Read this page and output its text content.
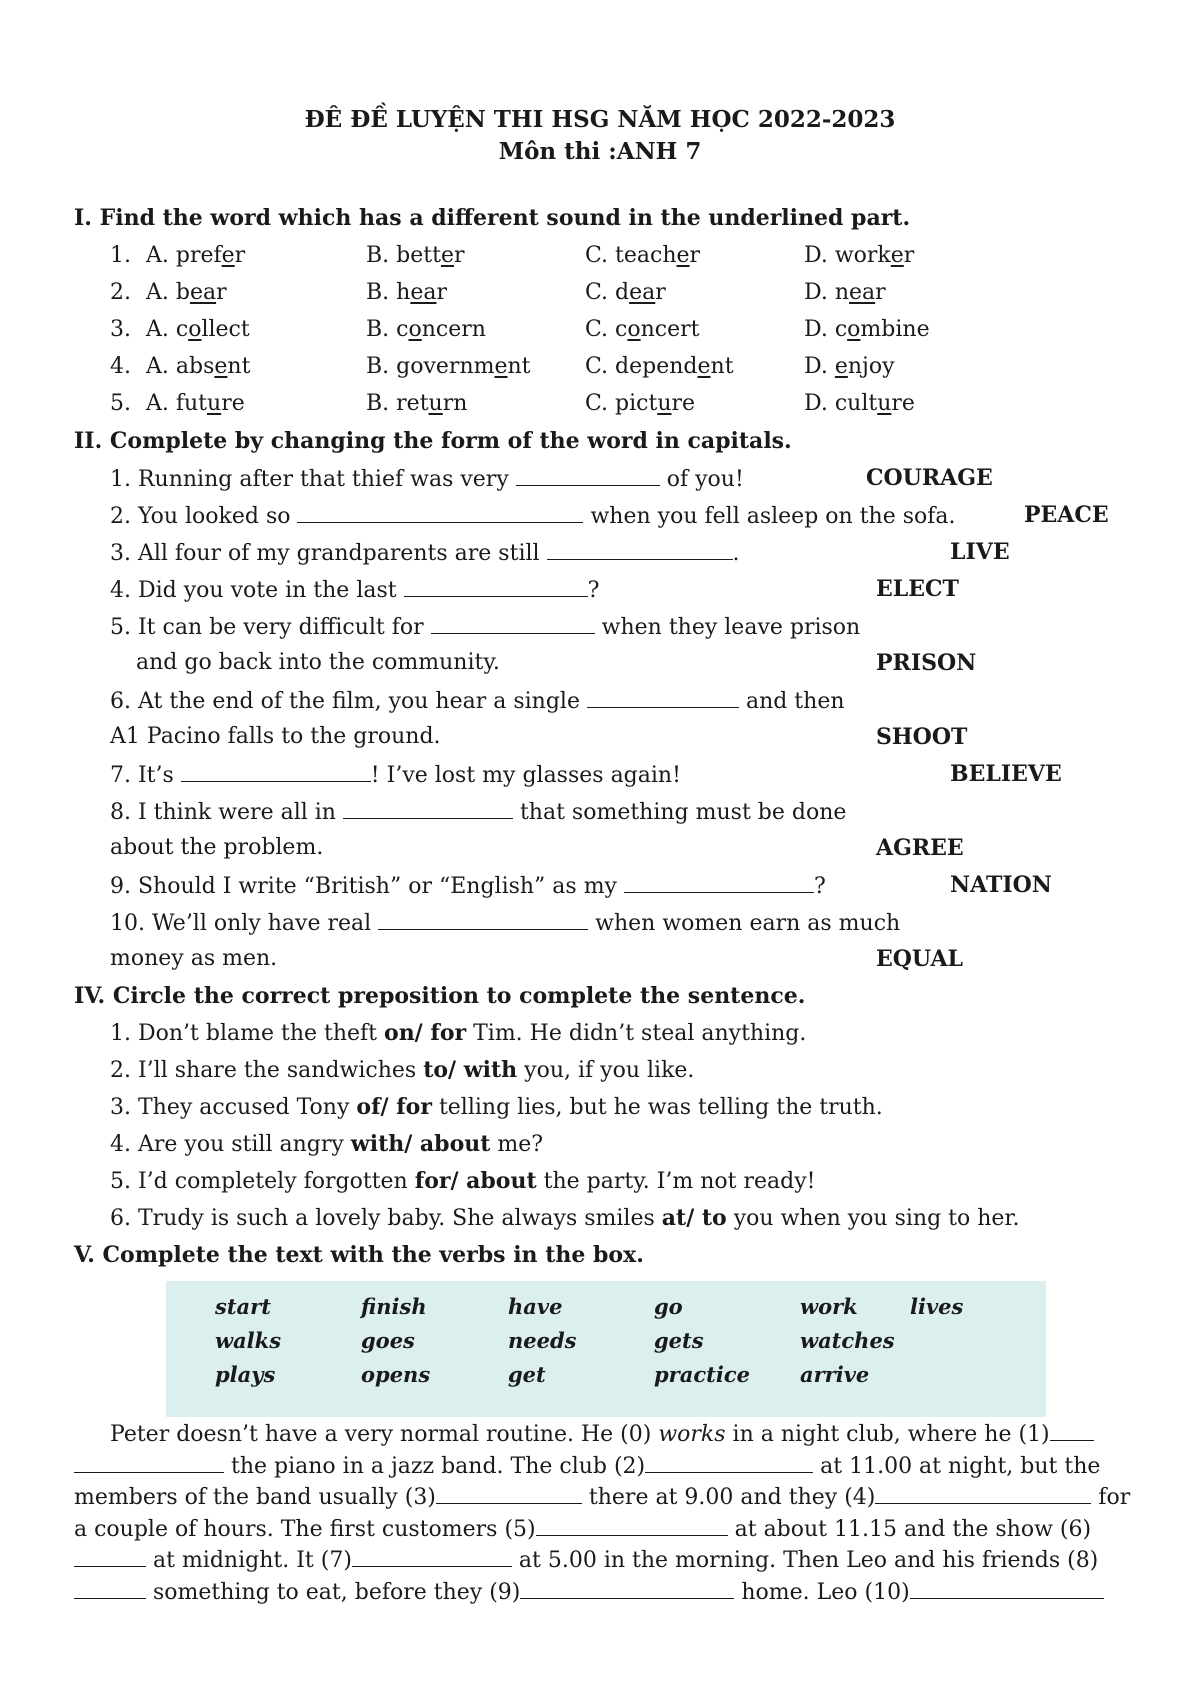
ĐÊ ĐỀ LUYỆN THI HSG NĂM HỌC 2022-2023
Môn thi :ANH 7
I. Find the word which has a different sound in the underlined part.
1. A. prefer	B. better	C. teacher	D. worker
2. A. bear	B. hear	C. dear	D. near
3. A. collect	B. concern	C. concert	D. combine
4. A. absent	B. government C. dependent	D. enjoy
5. A. future	B. return	C. picture	D. culture
II. Complete by changing the form of the word in capitals.
1. Running after that thief was very	of you!	COURAGE
2. You looked so	when you fell asleep on the sofa.	PEACE
3. All four of my grandparents are still	.	LIVE
4. Did you vote in the last	?	ELECT
5. It can be very difficult for	when they leave prison
and go back into the community.	PRISON
6. At the end of the film, you hear a single	and then
A1 Pacino falls to the ground.	SHOOT
7. It’s	! I’ve lost my glasses again!	BELIEVE
8. I think were all in	that something must be done
about the problem.	AGREE
9. Should I write “British” or “English” as my	?	NATION
10. We’ll only have real	when women earn as much
money as men.	EQUAL
IV. Circle the correct preposition to complete the sentence.
1. Don’t blame the theft on/ for Tim. He didn’t steal anything.
2. I’ll share the sandwiches to/ with you, if you like.
3. They accused Tony of/ for telling lies, but he was telling the truth.
4. Are you still angry with/ about me?
5. I’d completely forgotten for/ about the party. I’m not ready!
6. Trudy is such a lovely baby. She always smiles at/ to you when you sing to her.
V. Complete the text with the verbs in the box.
start	finish	have	go	work lives
walks	goes	needs	gets	watches
plays	opens	get	practice arrive
Peter doesn’t have a very normal routine. He (0) works in a night club, where he (1)
the piano in a jazz band. The club (2)	at 11.00 at night, but the
members of the band usually (3)	there at 9.00 and they (4)	for
a couple of hours. The first customers (5)	at about 11.15 and the show (6)
at midnight. It (7)	at 5.00 in the morning. Then Leo and his friends (8)
something to eat, before they (9)	home. Leo (10)
